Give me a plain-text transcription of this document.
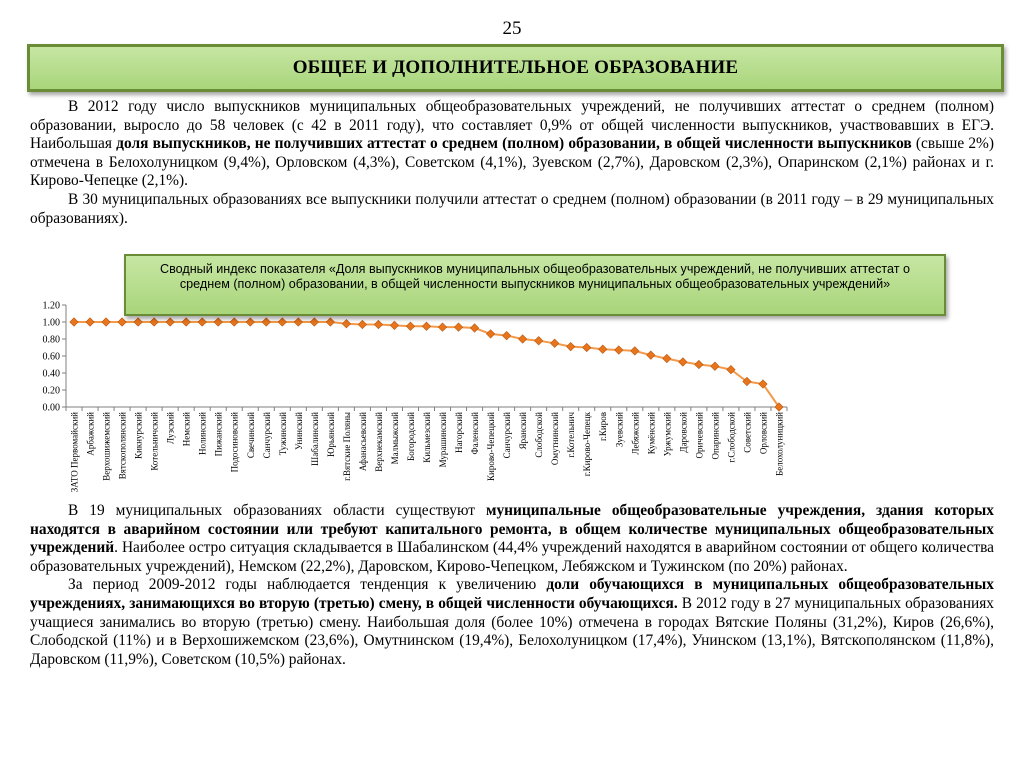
25
ОБЩЕЕ И ДОПОЛНИТЕЛЬНОЕ ОБРАЗОВАНИЕ

В 2012 году число выпускников муниципальных общеобразовательных учреждений, не получивших аттестат о среднем (полном) образовании, выросло до 58 человек (с 42 в 2011 году), что составляет 0,9% от общей численности выпускников, участвовавших в ЕГЭ. Наибольшая доля выпускников, не получивших аттестат о среднем (полном) образовании, в общей численности выпускников (свыше 2%) отмечена в Белохолуницком (9,4%), Орловском (4,3%), Советском (4,1%), Зуевском (2,7%), Даровском (2,3%), Опаринском (2,1%) районах и г. Кирово-Чепецке (2,1%).

В 30 муниципальных образованиях все выпускники получили аттестат о среднем (полном) образовании (в 2011 году – в 29 муниципальных образованиях).

0.00
0.20
0.40
0.60
0.80
1.00
1.20
ЗАТО Первомайский Арбажский Верхошижемский Вятскополянский Кикнурский Котельничский Лузский Немский Нолинский Пижанский Подосиновский Свечинский Санчурский Тужинский Унинский Шабалинский Юрьянский г.Вятские Поляны Афанасьевский Верхнекамский Малмыжский Богородский Кильмезский Мурашинский Нагорский Фаленский Кирово-Чепецкий Санчурский Яранский Слободской Омутнинский г.Котельнич г.Кирово-Чепецк г.Киров Зуевский Лебяжский Кумёнский Уржумский Даровской Оричевский Опаринский г.Слободской Советский Орловский Белохолуницкий
Сводный индекс показателя «Доля выпускников муниципальных общеобразовательных учреждений, не получивших аттестат о среднем (полном) образовании, в общей численности выпускников муниципальных общеобразовательных учреждений»

В 19 муниципальных образованиях области существуют муниципальные общеобразовательные учреждения, здания которых находятся в аварийном состоянии или требуют капитального ремонта, в общем количестве муниципальных общеобразовательных учреждений. Наиболее остро ситуация складывается в Шабалинском (44,4% учреждений находятся в аварийном состоянии от общего количества образовательных учреждений), Немском (22,2%), Даровском, Кирово-Чепецком, Лебяжском и Тужинском (по 20%) районах.

За период 2009-2012 годы наблюдается тенденция к увеличению доли обучающихся в муниципальных общеобразовательных учреждениях, занимающихся во вторую (третью) смену, в общей численности обучающихся. В 2012 году в 27 муниципальных образованиях учащиеся занимались во вторую (третью) смену. Наибольшая доля (более 10%) отмечена в городах Вятские Поляны (31,2%), Киров (26,6%), Слободской (11%) и в Верхошижемском (23,6%), Омутнинском (19,4%), Белохолуницком (17,4%), Унинском (13,1%), Вятскополянском (11,8%), Даровском (11,9%), Советском (10,5%) районах.
